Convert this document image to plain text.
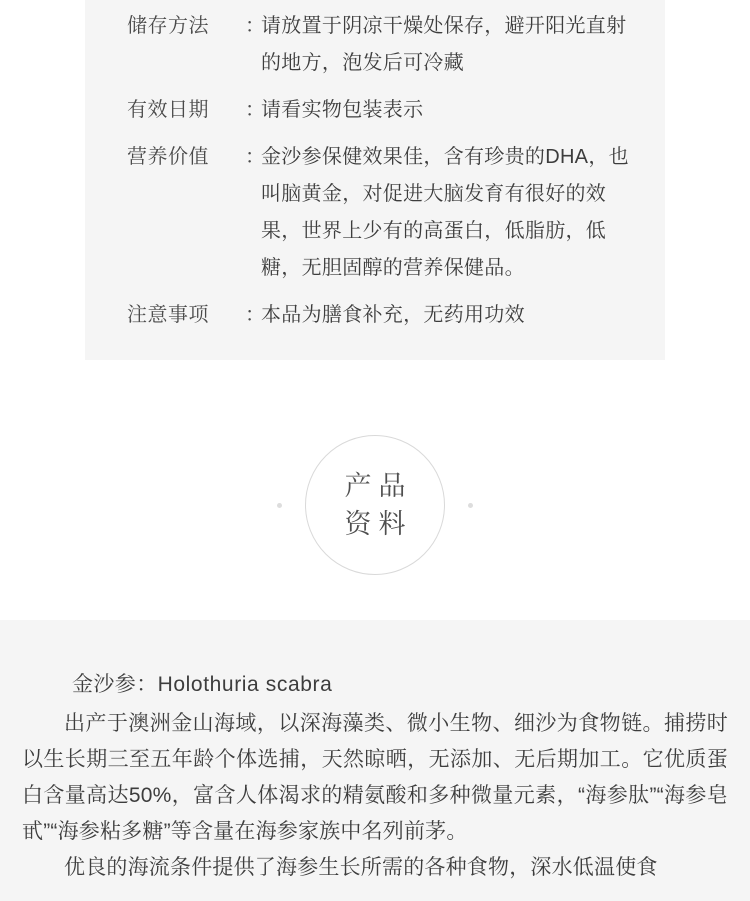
储存方法	：
请放置于阴凉干燥处保存，避开阳光直射的地方，泡发后可冷藏
有效日期	：
请看实物包装表示
营养价值	：
金沙参保健效果佳，含有珍贵的DHA，也叫脑黄金，对促进大脑发育有很好的效果，世界上少有的高蛋白，低脂肪，低糖，无胆固醇的营养保健品。
注意事项	：
本品为膳食补充，无药用功效
产品
资料
金沙参：Holothuria scabra

出产于澳洲金山海域，以深海藻类、微小生物、细沙为食物链。捕捞时以生长期三至五年龄个体选捕，天然晾晒，无添加、无后期加工。它优质蛋白含量高达50%，富含人体渴求的精氨酸和多种微量元素，“海参肽”“海参皂甙”“海参粘多糖”等含量在海参家族中名列前茅。

优良的海流条件提供了海参生长所需的各种食物，深水低温使食
